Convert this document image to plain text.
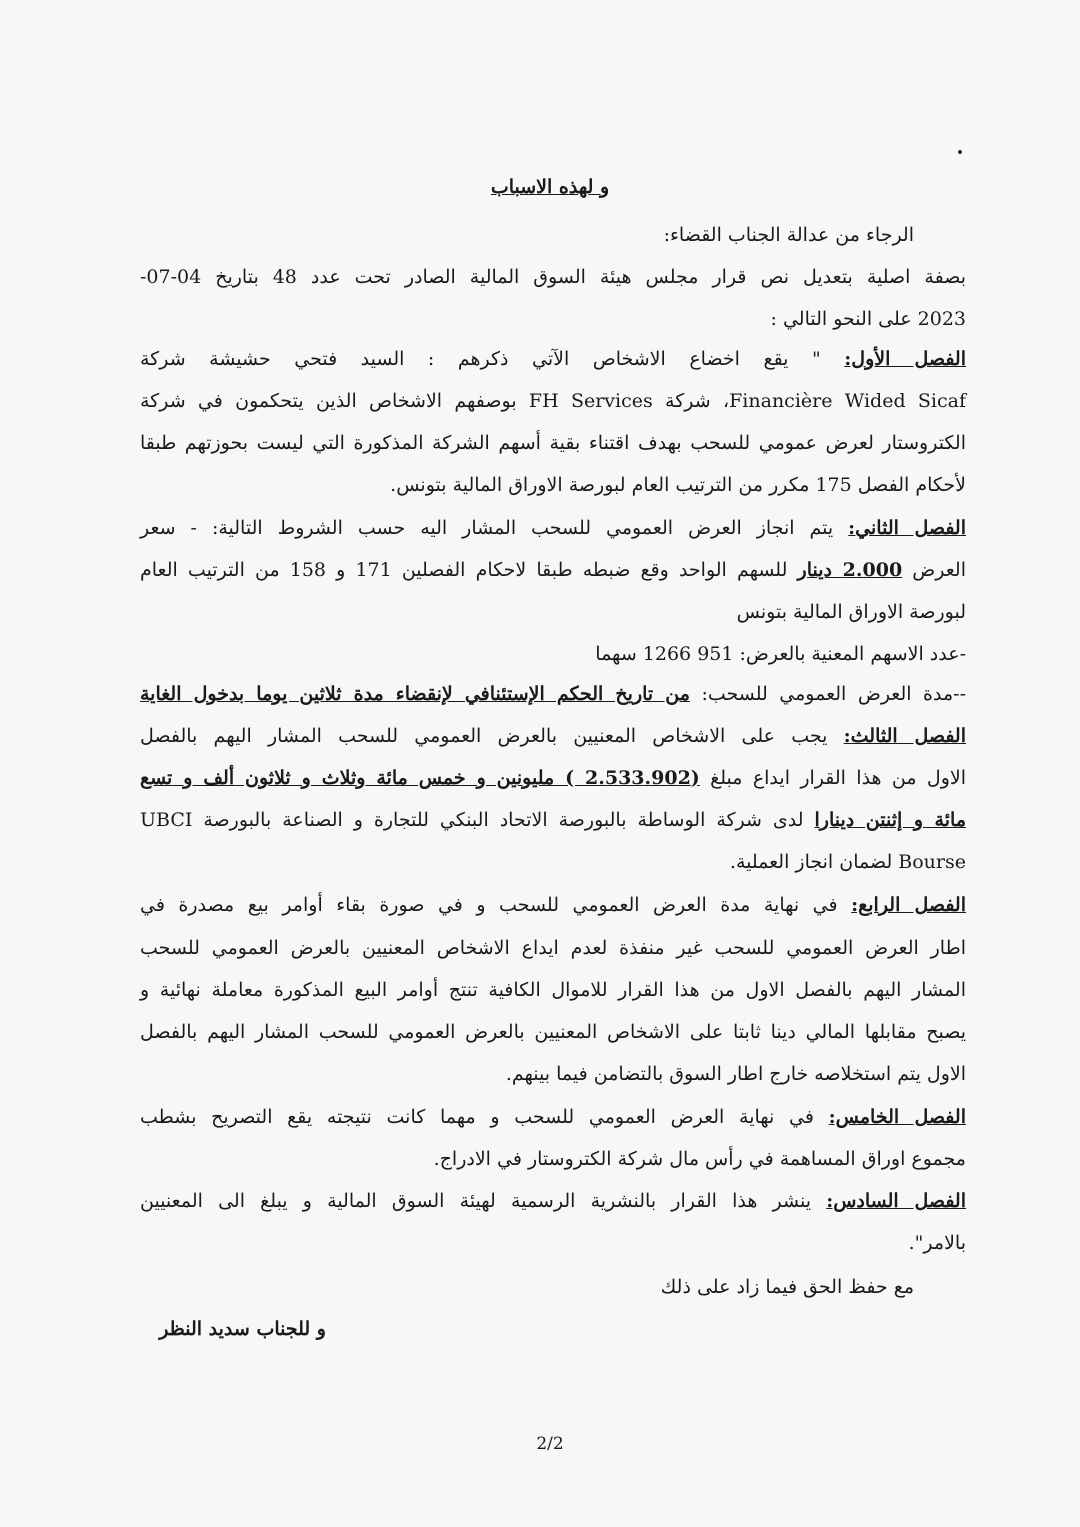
و لهذه الاسباب
الرجاء من عدالة الجناب القضاء:
بصفة اصلية بتعديل نص قرار مجلس هيئة السوق المالية الصادر تحت عدد 48 بتاريخ 04-07-
2023 على النحو التالي :
الفصل الأول: " يقع اخضاع الاشخاص الآتي ذكرهم : السيد فتحي حشيشة شركة
Financière Wided Sicaf، شركة FH Services بوصفهم الاشخاص الذين يتحكمون في شركة
الكتروستار لعرض عمومي للسحب بهدف اقتناء بقية أسهم الشركة المذكورة التي ليست بحوزتهم طبقا
لأحكام الفصل 175 مكرر من الترتيب العام لبورصة الاوراق المالية بتونس.
الفصل الثاني: يتم انجاز العرض العمومي للسحب المشار اليه حسب الشروط التالية: - سعر
العرض 2.000 دينار للسهم الواحد وقع ضبطه طبقا لاحكام الفصلين 171 و 158 من الترتيب العام
لبورصة الاوراق المالية بتونس
-عدد الاسهم المعنية بالعرض: 951 1266 سهما
--مدة العرض العمومي للسحب: من تاريخ الحكم الإستئنافي لإنقضاء مدة ثلاثين يوما بدخول الغاية
الفصل الثالث: يجب على الاشخاص المعنيين بالعرض العمومي للسحب المشار اليهم بالفصل
الاول من هذا القرار ايداع مبلغ (2.533.902 ) مليونين و خمس مائة وثلاث و ثلاثون ألف و تسع
مائة و إثنتن دينارا لدى شركة الوساطة بالبورصة الاتحاد البنكي للتجارة و الصناعة بالبورصة UBCI
Bourse لضمان انجاز العملية.
الفصل الرابع: في نهاية مدة العرض العمومي للسحب و في صورة بقاء أوامر بيع مصدرة في
اطار العرض العمومي للسحب غير منفذة لعدم ايداع الاشخاص المعنيين بالعرض العمومي للسحب
المشار اليهم بالفصل الاول من هذا القرار للاموال الكافية تنتج أوامر البيع المذكورة معاملة نهائية و
يصبح مقابلها المالي دينا ثابتا على الاشخاص المعنيين بالعرض العمومي للسحب المشار اليهم بالفصل
الاول يتم استخلاصه خارج اطار السوق بالتضامن فيما بينهم.
الفصل الخامس: في نهاية العرض العمومي للسحب و مهما كانت نتيجته يقع التصريح بشطب
مجموع اوراق المساهمة في رأس مال شركة الكتروستار في الادراج.
الفصل السادس: ينشر هذا القرار بالنشرية الرسمية لهيئة السوق المالية و يبلغ الى المعنيين
بالامر".
مع حفظ الحق فيما زاد على ذلك
و للجناب سديد النظر
2/2
